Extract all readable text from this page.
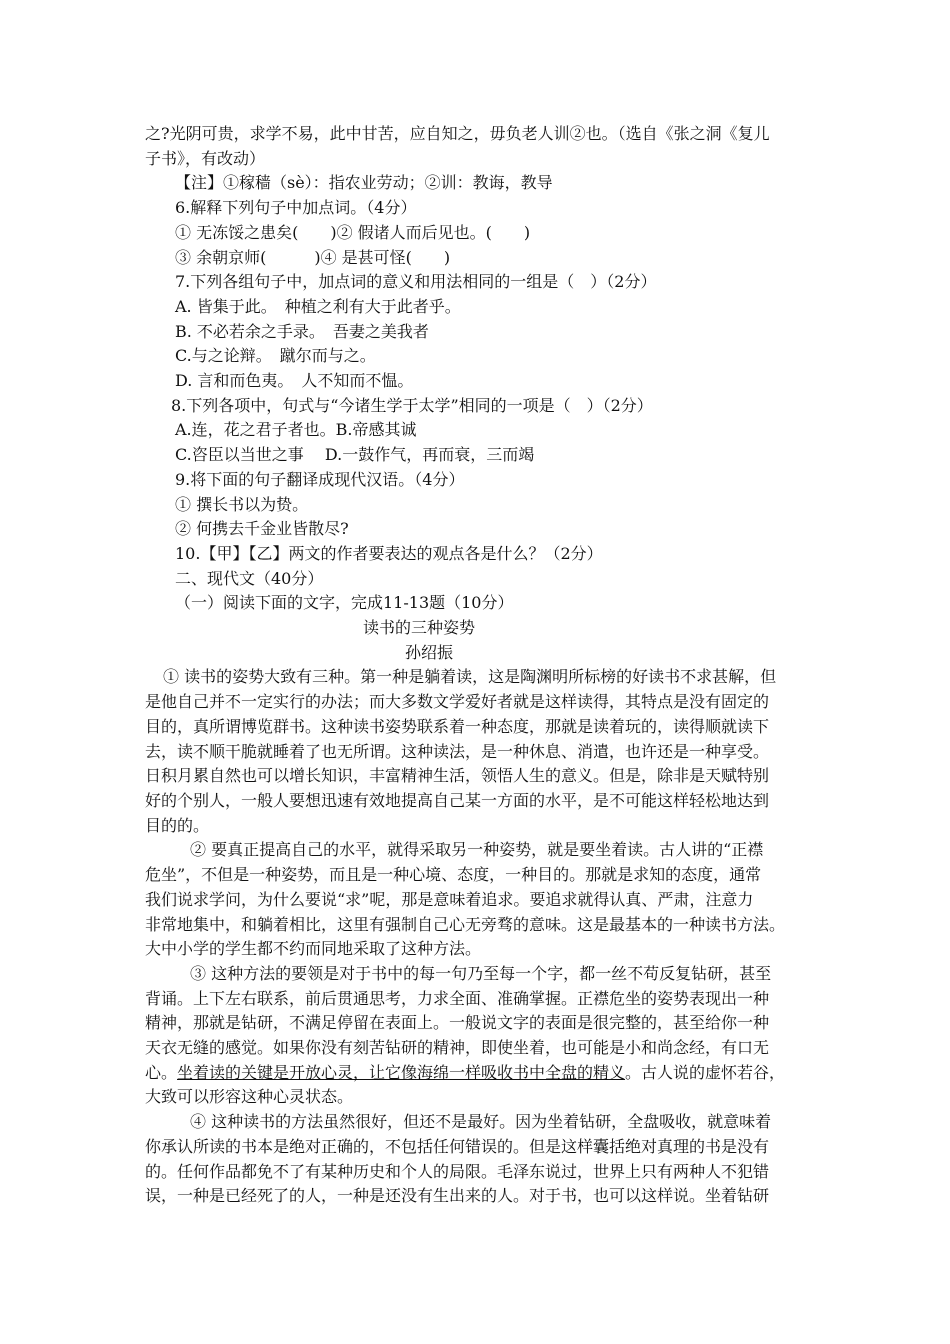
之?光阴可贵，求学不易，此中甘苦，应自知之，毋负老人训②也。（选自《张之洞《复儿
子书》，有改动）
【注】①稼穑（sè）：指农业劳动；②训：教诲，教导
6.解释下列句子中加点词。（4分）
① 无冻馁之患矣(　　)② 假诸人而后见也。(　　)
③ 余朝京师(　　　)④ 是甚可怪(　　)
7.下列各组句子中，加点词的意义和用法相同的一组是（　）（2分）
A. 皆集于此。　种植之利有大于此者乎。
B. 不必若余之手录。　吾妻之美我者
C.与之论辩。　蹴尔而与之。
D. 言和而色夷。　人不知而不愠。
8.下列各项中，句式与“今诸生学于太学”相同的一项是（　）（2分）
A.连，花之君子者也。B.帝感其诚
C.咨臣以当世之事　 D.一鼓作气，再而衰，三而竭
9.将下面的句子翻译成现代汉语。（4分）
① 撰长书以为贽。
② 何携去千金业皆散尽?
10.【甲】【乙】两文的作者要表达的观点各是什么？（2分）
二、现代文（40分）
（一）阅读下面的文字，完成11-13题（10分）
读书的三种姿势
孙绍振
① 读书的姿势大致有三种。第一种是躺着读，这是陶渊明所标榜的好读书不求甚解，但
是他自己并不一定实行的办法；而大多数文学爱好者就是这样读得，其特点是没有固定的
目的，真所谓博览群书。这种读书姿势联系着一种态度，那就是读着玩的，读得顺就读下
去，读不顺干脆就睡着了也无所谓。这种读法，是一种休息、消遣，也许还是一种享受。
日积月累自然也可以增长知识，丰富精神生活，领悟人生的意义。但是，除非是天赋特别
好的个别人，一般人要想迅速有效地提高自己某一方面的水平，是不可能这样轻松地达到
目的的。
② 要真正提高自己的水平，就得采取另一种姿势，就是要坐着读。古人讲的“正襟
危坐”，不但是一种姿势，而且是一种心境、态度，一种目的。那就是求知的态度，通常
我们说求学问，为什么要说“求”呢，那是意味着追求。要追求就得认真、严肃，注意力
非常地集中，和躺着相比，这里有强制自己心无旁骛的意味。这是最基本的一种读书方法。
大中小学的学生都不约而同地采取了这种方法。
③ 这种方法的要领是对于书中的每一句乃至每一个字，都一丝不苟反复钻研，甚至
背诵。上下左右联系，前后贯通思考，力求全面、准确掌握。正襟危坐的姿势表现出一种
精神，那就是钻研，不满足停留在表面上。一般说文字的表面是很完整的，甚至给你一种
天衣无缝的感觉。如果你没有刻苦钻研的精神，即使坐着，也可能是小和尚念经，有口无
心。坐着读的关键是开放心灵，让它像海绵一样吸收书中全盘的精义。古人说的虚怀若谷，
大致可以形容这种心灵状态。
④ 这种读书的方法虽然很好，但还不是最好。因为坐着钻研，全盘吸收，就意味着
你承认所读的书本是绝对正确的，不包括任何错误的。但是这样囊括绝对真理的书是没有
的。任何作品都免不了有某种历史和个人的局限。毛泽东说过，世界上只有两种人不犯错
误，一种是已经死了的人，一种是还没有生出来的人。对于书，也可以这样说。坐着钻研
